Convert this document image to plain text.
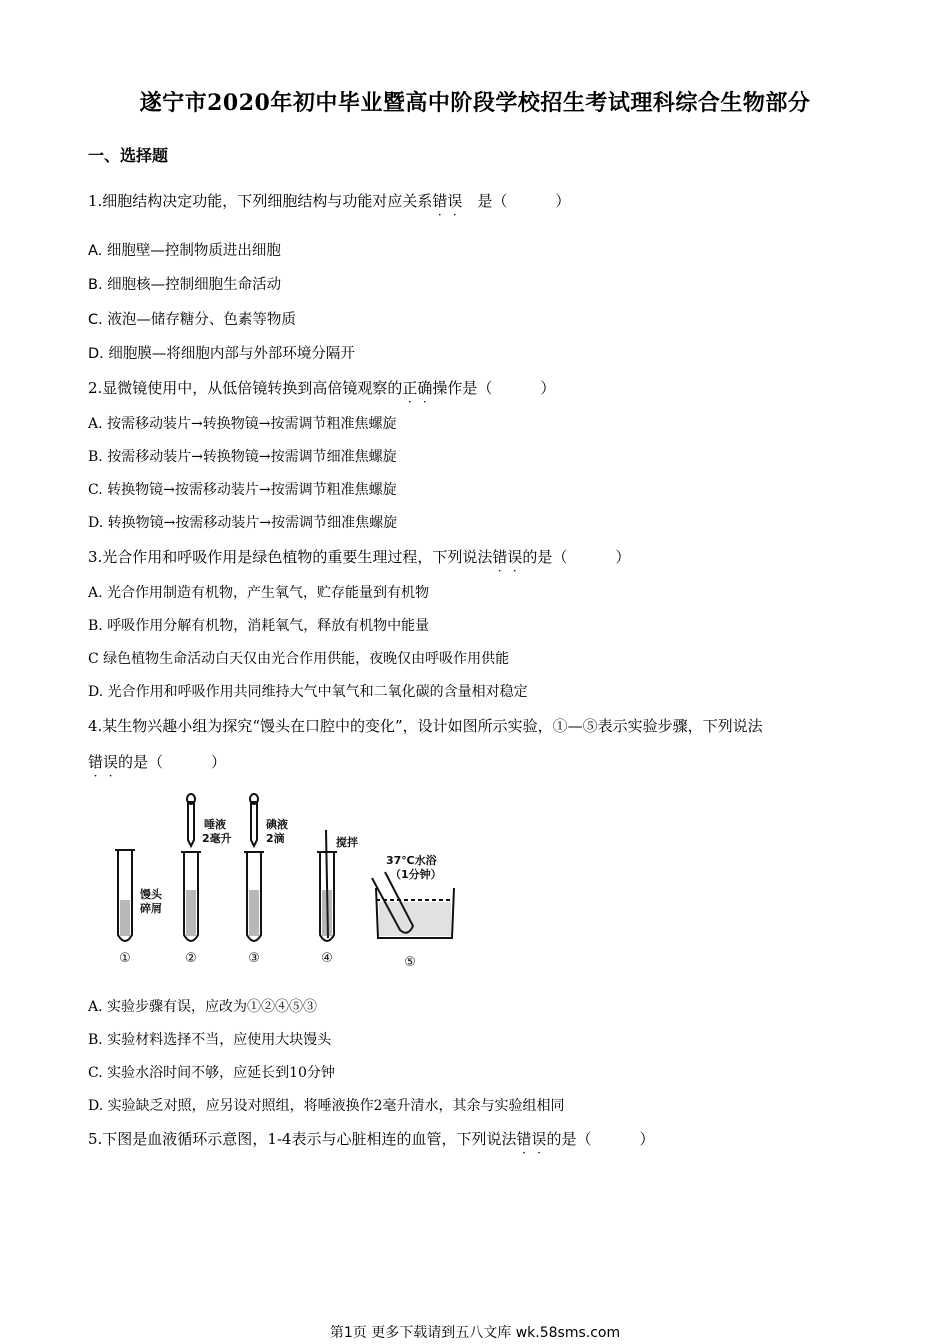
遂宁市2020年初中毕业暨高中阶段学校招生考试理科综合生物部分
一、选择题
1.细胞结构决定功能，下列细胞结构与功能对应关系错误　是（	）
A. 细胞壁—控制物质进出细胞
B. 细胞核—控制细胞生命活动
C. 液泡—储存糖分、色素等物质
D. 细胞膜—将细胞内部与外部环境分隔开
2.显微镜使用中，从低倍镜转换到高倍镜观察的正确操作是（	）
A. 按需移动装片→转换物镜→按需调节粗准焦螺旋
B. 按需移动装片→转换物镜→按需调节细准焦螺旋
C. 转换物镜→按需移动装片→按需调节粗准焦螺旋
D. 转换物镜→按需移动装片→按需调节细准焦螺旋
3.光合作用和呼吸作用是绿色植物的重要生理过程，下列说法错误的是（	）
A. 光合作用制造有机物，产生氧气，贮存能量到有机物
B. 呼吸作用分解有机物，消耗氧气，释放有机物中能量
C 绿色植物生命活动白天仅由光合作用供能，夜晚仅由呼吸作用供能
D. 光合作用和呼吸作用共同维持大气中氧气和二氧化碳的含量相对稳定
4.某生物兴趣小组为探究“馒头在口腔中的变化”，设计如图所示实验，①—⑤表示实验步骤，下列说法
错误的是（	）
馒头
碎屑
唾液
2毫升
碘液
2滴	搅拌
37℃水浴
（1分钟）
①	②	③	④	⑤
A. 实验步骤有误，应改为①②④⑤③
B. 实验材料选择不当，应使用大块馒头
C. 实验水浴时间不够，应延长到10分钟
D. 实验缺乏对照，应另设对照组，将唾液换作2毫升清水，其余与实验组相同
5.下图是血液循环示意图，1-4表示与心脏相连的血管，下列说法错误的是（	）
第1页 更多下载请到五八文库 wk.58sms.com
